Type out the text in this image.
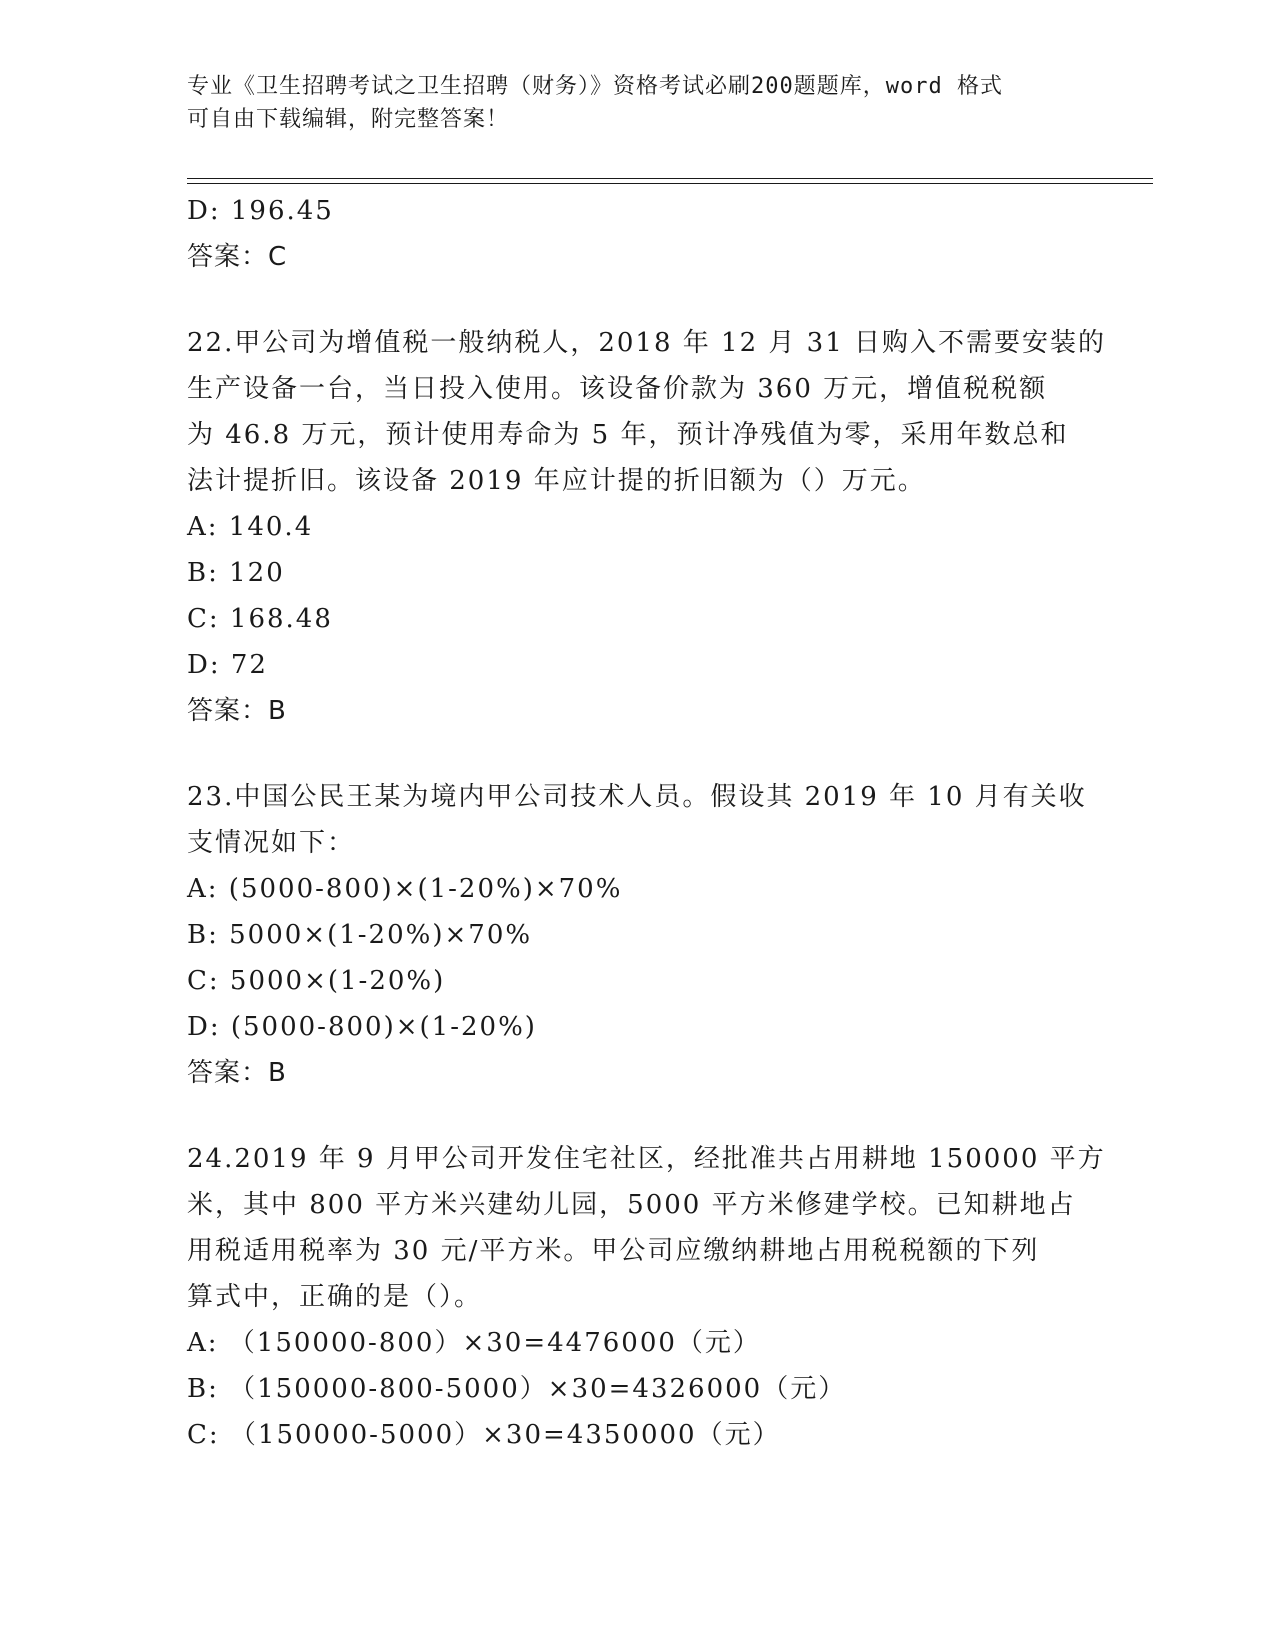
专业《卫生招聘考试之卫生招聘（财务）》资格考试必刷200题题库，word 格式
可自由下载编辑，附完整答案！
D: 196.45
答案：C
22.甲公司为增值税一般纳税人，2018 年 12 月 31 日购入不需要安装的
生产设备一台，当日投入使用。该设备价款为 360 万元，增值税税额
为 46.8 万元，预计使用寿命为 5 年，预计净残值为零，采用年数总和
法计提折旧。该设备 2019 年应计提的折旧额为（）万元。
A: 140.4
B: 120
C: 168.48
D: 72
答案：B
23.中国公民王某为境内甲公司技术人员。假设其 2019 年 10 月有关收
支情况如下：
A: (5000-800)×(1-20%)×70%
B: 5000×(1-20%)×70%
C: 5000×(1-20%)
D: (5000-800)×(1-20%)
答案：B
24.2019 年 9 月甲公司开发住宅社区，经批准共占用耕地 150000 平方
米，其中 800 平方米兴建幼儿园，5000 平方米修建学校。已知耕地占
用税适用税率为 30 元/平方米。甲公司应缴纳耕地占用税税额的下列
算式中，正确的是（）。
A: （150000-800）×30=4476000（元）
B: （150000-800-5000）×30=4326000（元）
C: （150000-5000）×30=4350000（元）
